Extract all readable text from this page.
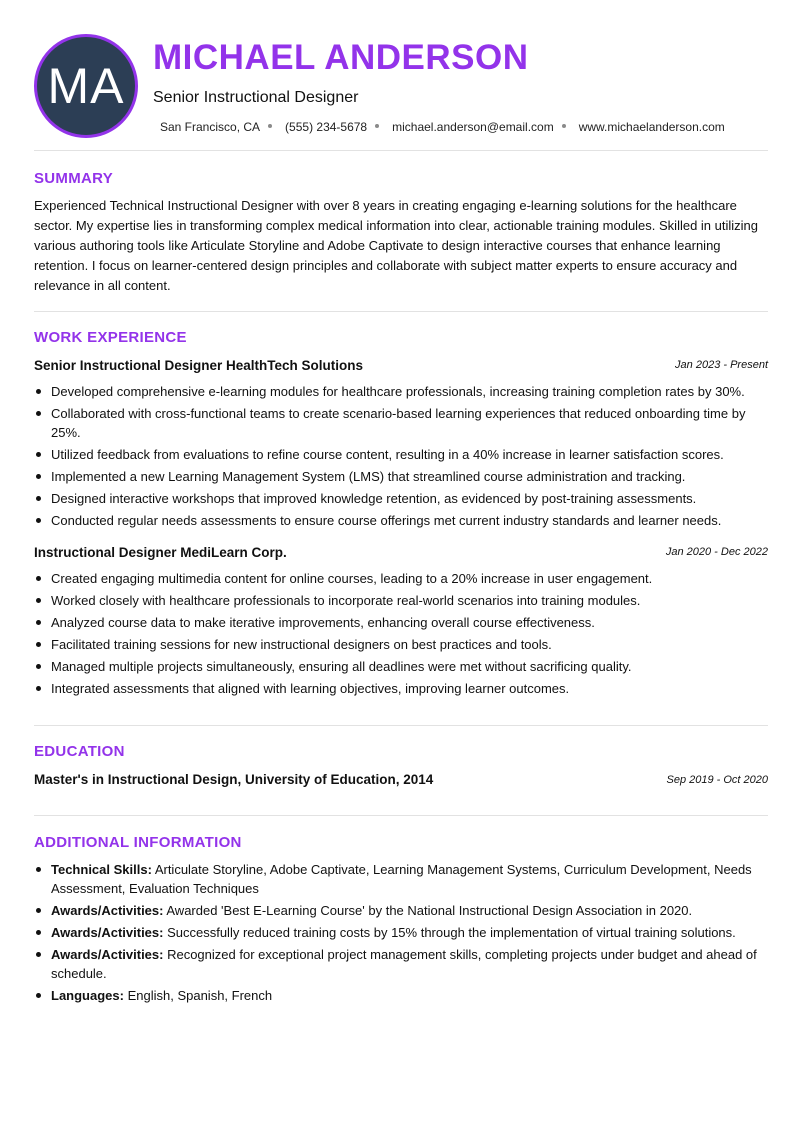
MA
MICHAEL ANDERSON
Senior Instructional Designer
San Francisco, CA (555) 234-5678 michael.anderson@email.com www.michaelanderson.com
SUMMARY

Experienced Technical Instructional Designer with over 8 years in creating engaging e-learning solutions for the healthcare sector. My expertise lies in transforming complex medical information into clear, actionable training modules. Skilled in utilizing various authoring tools like Articulate Storyline and Adobe Captivate to design interactive courses that enhance learning retention. I focus on learner-centered design principles and collaborate with subject matter experts to ensure accuracy and relevance in all content.

WORK EXPERIENCE
Senior Instructional Designer HealthTech Solutions	Jan 2023 - Present
Developed comprehensive e-learning modules for healthcare professionals, increasing training completion rates by 30%.
Collaborated with cross-functional teams to create scenario-based learning experiences that reduced onboarding time by 25%.
Utilized feedback from evaluations to refine course content, resulting in a 40% increase in learner satisfaction scores.
Implemented a new Learning Management System (LMS) that streamlined course administration and tracking.
Designed interactive workshops that improved knowledge retention, as evidenced by post-training assessments.
Conducted regular needs assessments to ensure course offerings met current industry standards and learner needs.
Instructional Designer MediLearn Corp.	Jan 2020 - Dec 2022
Created engaging multimedia content for online courses, leading to a 20% increase in user engagement.
Worked closely with healthcare professionals to incorporate real-world scenarios into training modules.
Analyzed course data to make iterative improvements, enhancing overall course effectiveness.
Facilitated training sessions for new instructional designers on best practices and tools.
Managed multiple projects simultaneously, ensuring all deadlines were met without sacrificing quality.
Integrated assessments that aligned with learning objectives, improving learner outcomes.
EDUCATION
Master's in Instructional Design, University of Education, 2014	Sep 2019 - Oct 2020
ADDITIONAL INFORMATION
Technical Skills: Articulate Storyline, Adobe Captivate, Learning Management Systems, Curriculum Development, Needs Assessment, Evaluation Techniques
Awards/Activities: Awarded 'Best E-Learning Course' by the National Instructional Design Association in 2020.
Awards/Activities: Successfully reduced training costs by 15% through the implementation of virtual training solutions.
Awards/Activities: Recognized for exceptional project management skills, completing projects under budget and ahead of schedule.
Languages: English, Spanish, French
